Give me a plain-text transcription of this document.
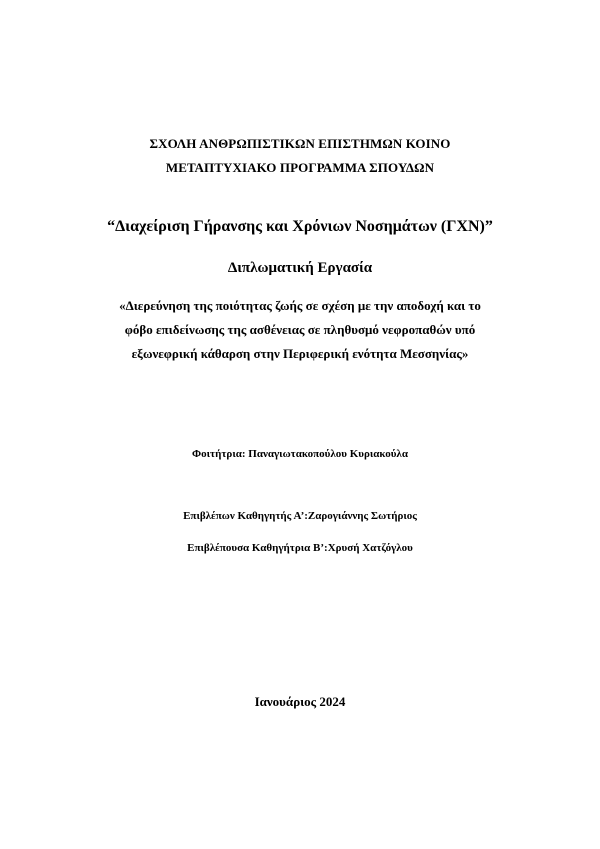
ΣΧΟΛΗ ΑΝΘΡΩΠΙΣΤΙΚΩΝ ΕΠΙΣΤΗΜΩΝ ΚΟΙΝΟ
ΜΕΤΑΠΤΥΧΙΑΚΟ ΠΡΟΓΡΑΜΜΑ ΣΠΟΥΔΩΝ
“Διαχείριση Γήρανσης και Χρόνιων Νοσημάτων (ΓΧΝ)”
Διπλωματική Εργασία
«Διερεύνηση της ποιότητας ζωής σε σχέση με την αποδοχή και το
φόβο επιδείνωσης της ασθένειας σε πληθυσμό νεφροπαθών υπό
εξωνεφρική κάθαρση στην Περιφερική ενότητα Μεσσηνίας»
Φοιτήτρια: Παναγιωτακοπούλου Κυριακούλα
Επιβλέπων Καθηγητής Α’:Ζαρογιάννης Σωτήριος
Επιβλέπουσα Καθηγήτρια Β’:Χρυσή Χατζόγλου
Ιανουάριος 2024
